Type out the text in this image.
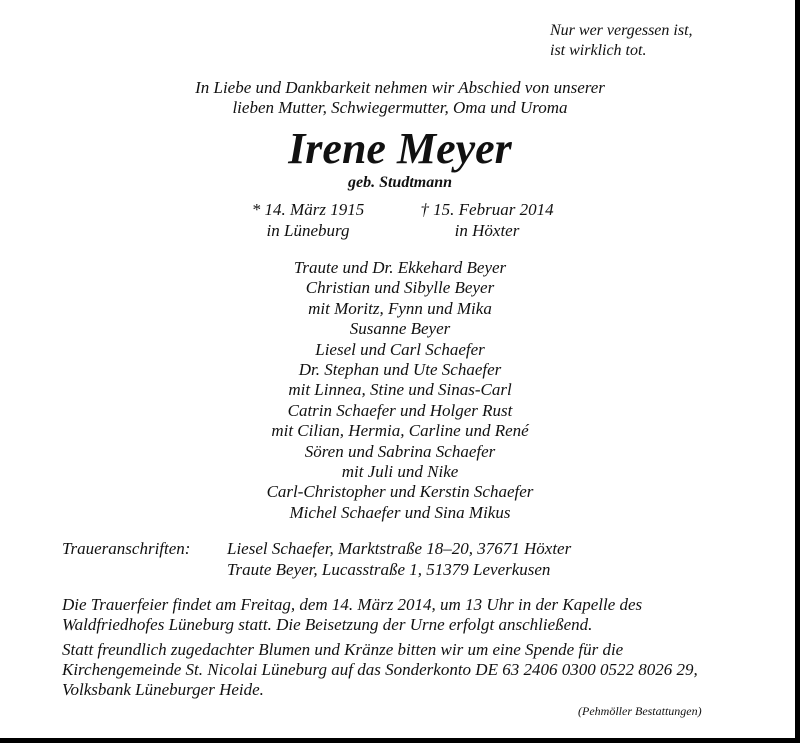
Nur wer vergessen ist,
ist wirklich tot.
In Liebe und Dankbarkeit nehmen wir Abschied von unserer
lieben Mutter, Schwiegermutter, Oma und Uroma
Irene Meyer
geb. Studtmann
* 14. März 1915
in Lüneburg
† 15. Februar 2014
in Höxter
Traute und Dr. Ekkehard Beyer
Christian und Sibylle Beyer
mit Moritz, Fynn und Mika
Susanne Beyer
Liesel und Carl Schaefer
Dr. Stephan und Ute Schaefer
mit Linnea, Stine und Sinas-Carl
Catrin Schaefer und Holger Rust
mit Cilian, Hermia, Carline und René
Sören und Sabrina Schaefer
mit Juli und Nike
Carl-Christopher und Kerstin Schaefer
Michel Schaefer und Sina Mikus
Traueranschriften: Liesel Schaefer, Marktstraße 18–20, 37671 Höxter
Traute Beyer, Lucasstraße 1, 51379 Leverkusen
Die Trauerfeier findet am Freitag, dem 14. März 2014, um 13 Uhr in der Kapelle des
Waldfriedhofes Lüneburg statt. Die Beisetzung der Urne erfolgt anschließend.
Statt freundlich zugedachter Blumen und Kränze bitten wir um eine Spende für die
Kirchengemeinde St. Nicolai Lüneburg auf das Sonderkonto DE 63 2406 0300 0522 8026 29,
Volksbank Lüneburger Heide.
(Pehmöller Bestattungen)
